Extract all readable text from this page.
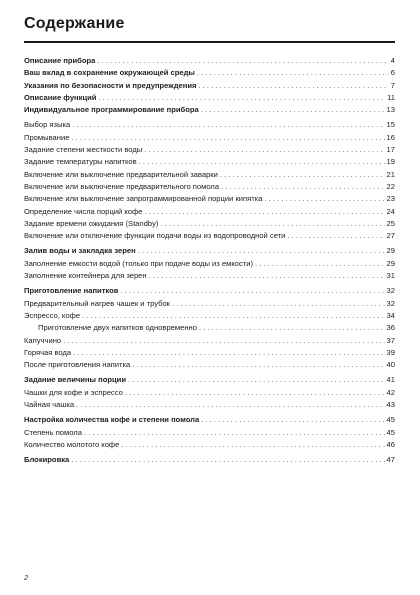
Содержание
Описание прибора . . .	4
Ваш вклад в сохранение окружающей среды . . .	6
Указания по безопасности и предупреждения . . .	7
Описание функций . . .	11
Индивидуальное программирование прибора . . .	13
Выбор языка . . .	15
Промывание . . .	16
Задание степени жесткости воды . . .	17
Задание температуры напитков . . .	19
Включение или выключение предварительной заварки . . .	21
Включение или выключение предварительного помола . . .	22
Включение или выключение запрограммированной порции кипятка . . .	23
Определение числа порций кофе . . .	24
Задание времени ожидания (Standby) . . .	25
Включение или отключение функции подачи воды из водопроводной сети . . .	27
Залив воды и закладка зерен . . .	29
Заполнение емкости водой (только при подаче воды из емкости) . . .	29
Заполнение контейнера для зерен . . .	31
Приготовление напитков . . .	32
Предварительный нагрев чашек и трубок . . .	32
Эспрессо, кофе . . .	34
Приготовление двух напитков одновременно . . .	36
Капуччино . . .	37
Горячая вода . . .	39
После приготовления напитка . . .	40
Задание величины порции . . .	41
Чашки для кофе и эспрессо . . .	42
Чайная чашка . . .	43
Настройка количества кофе и степени помола . . .	45
Степень помола . . .	45
Количество молотого кофе . . .	46
Блокировка . . .	47
2
